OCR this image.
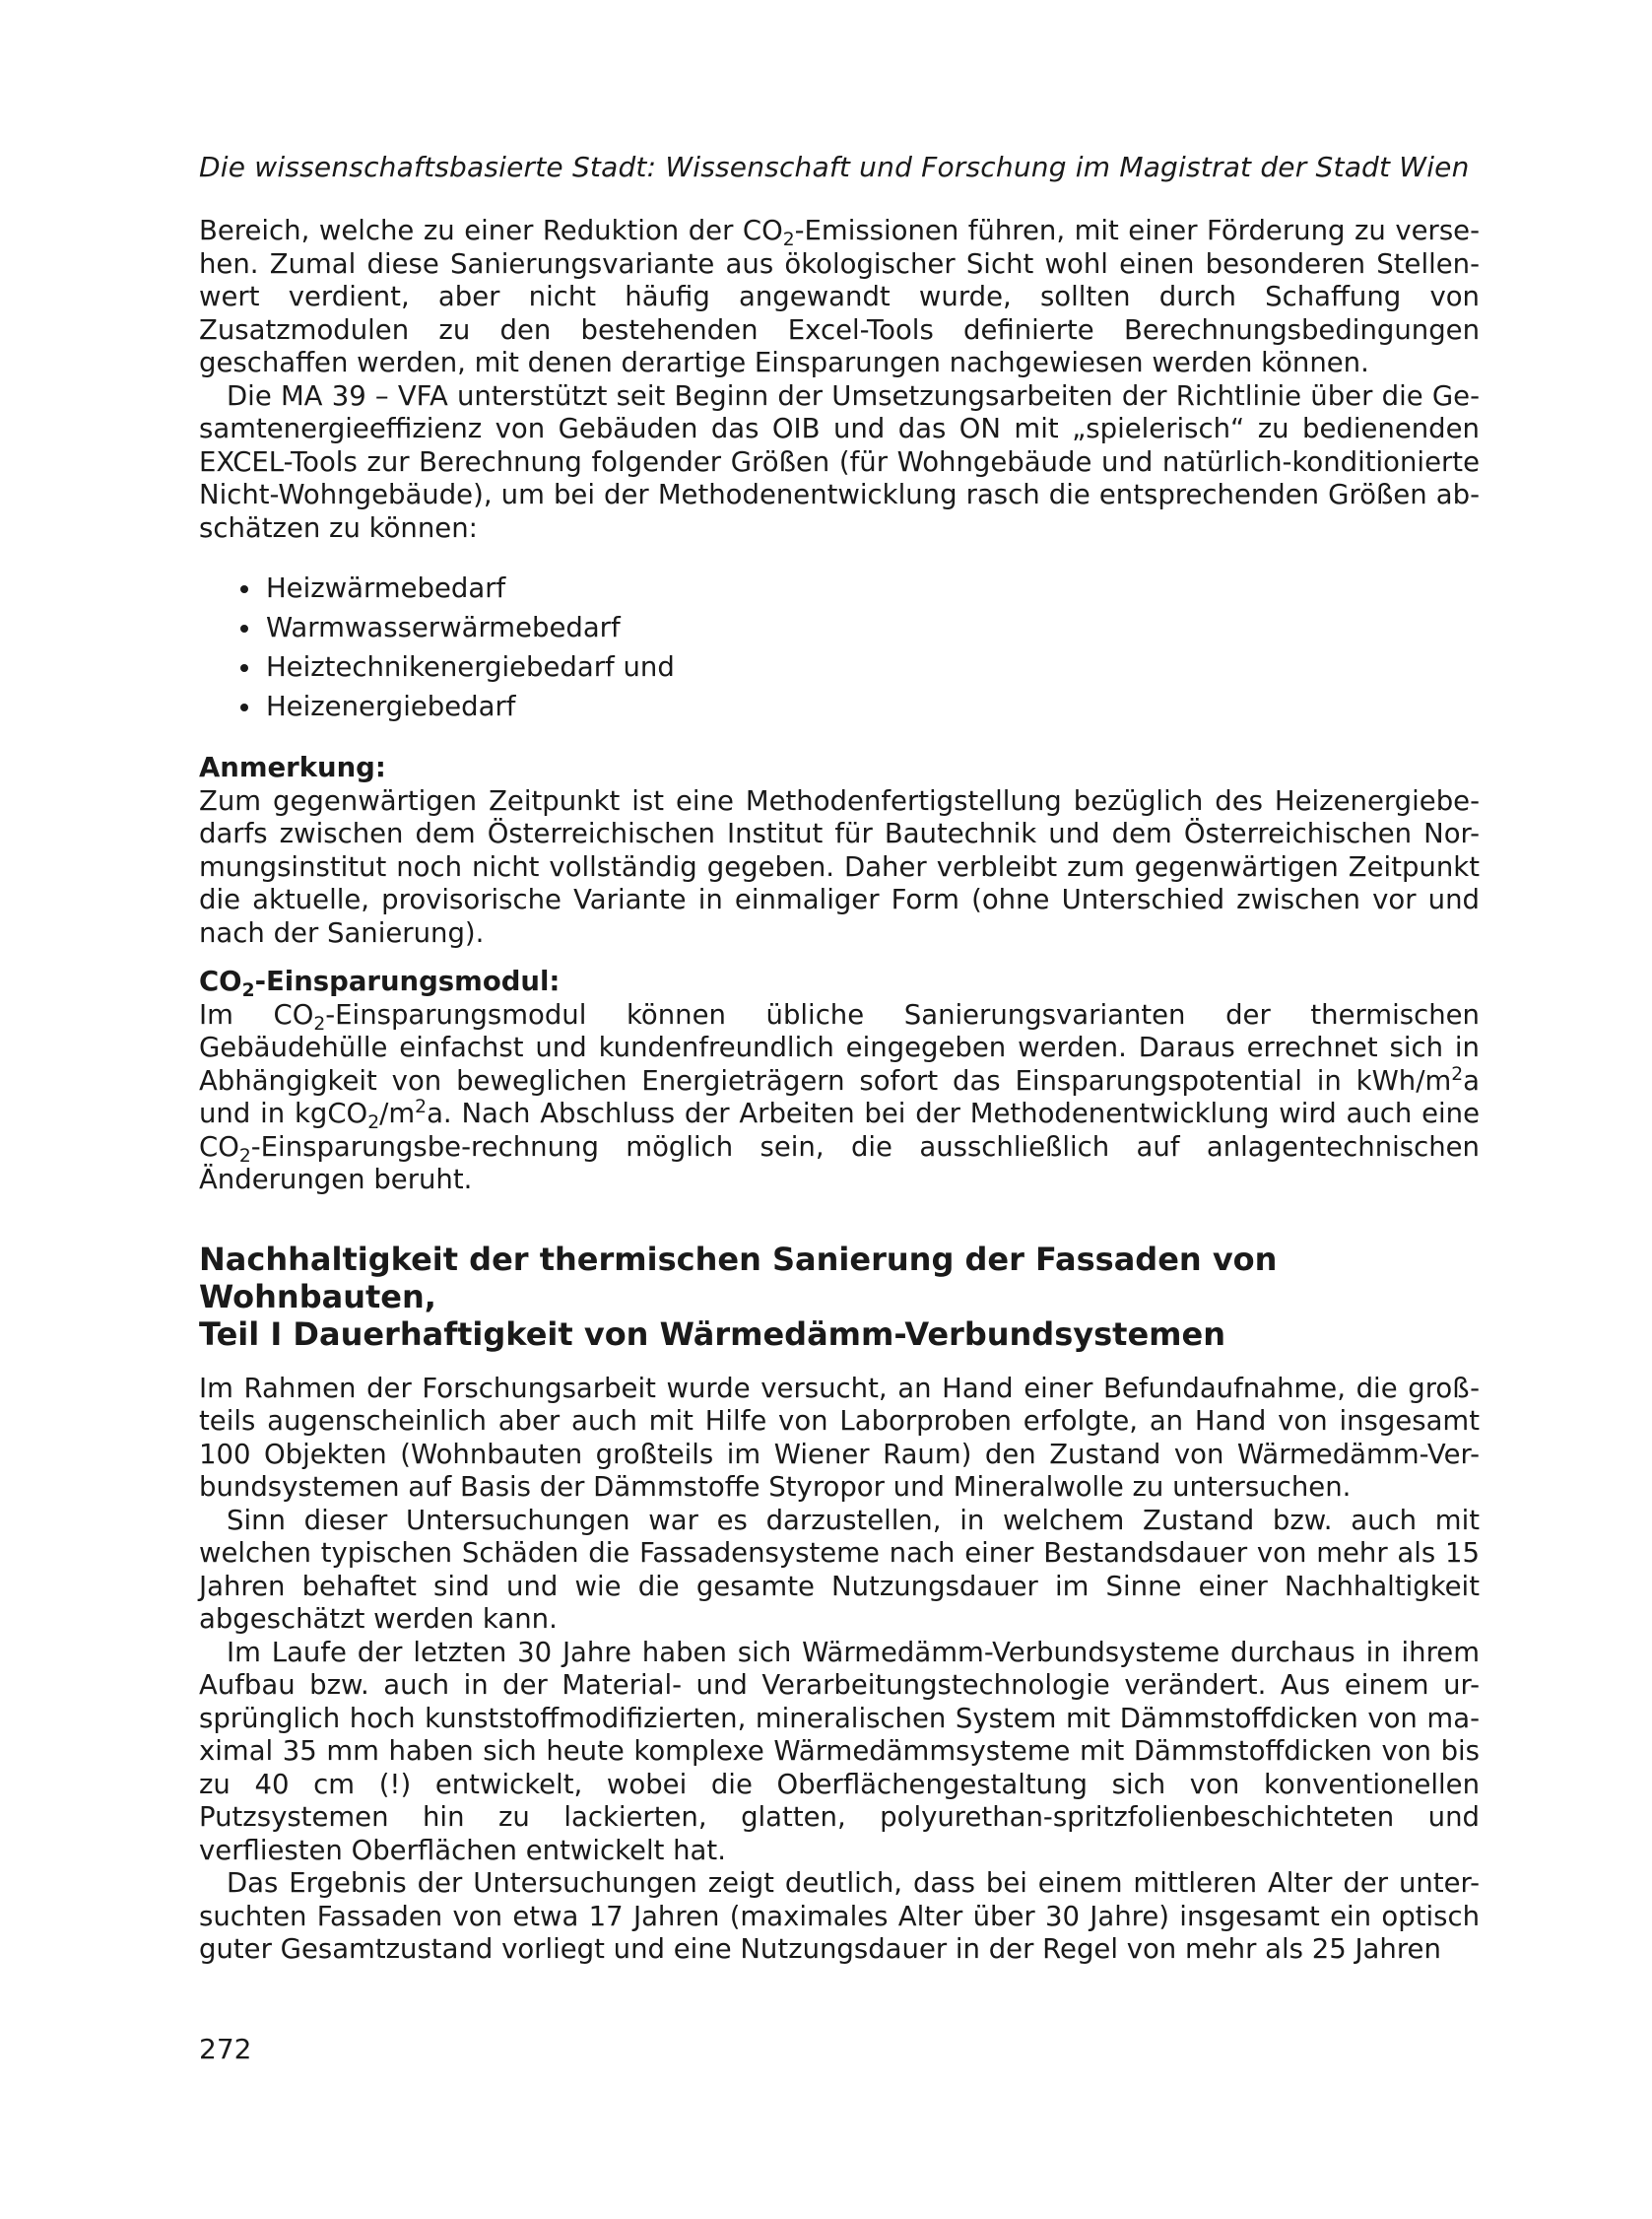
Die wissenschaftsbasierte Stadt: Wissenschaft und Forschung im Magistrat der Stadt Wien

Bereich, welche zu einer Reduktion der $CO_2$-Emissionen führen, mit einer Förderung zu verse-hen. Zumal diese Sanierungsvariante aus ökologischer Sicht wohl einen besonderen Stellen-wert verdient, aber nicht häufig angewandt wurde, sollten durch Schaffung von Zusatzmodulen zu den bestehenden Excel-Tools definierte Berechnungsbedingungen geschaffen werden, mit denen derartige Einsparungen nachgewiesen werden können.

Die MA 39 – VFA unterstützt seit Beginn der Umsetzungsarbeiten der Richtlinie über die Ge-samtenergieeffizienz von Gebäuden das OIB und das ON mit „spielerisch“ zu bedienenden EXCEL-Tools zur Berechnung folgender Größen (für Wohngebäude und natürlich-konditionierte Nicht-Wohngebäude), um bei der Methodenentwicklung rasch die entsprechenden Größen ab-schätzen zu können:

Heizwärmebedarf
Warmwasserwärmebedarf
Heiztechnikenergiebedarf und
Heizenergiebedarf
Anmerkung:

Zum gegenwärtigen Zeitpunkt ist eine Methodenfertigstellung bezüglich des Heizenergiebe-darfs zwischen dem Österreichischen Institut für Bautechnik und dem Österreichischen Nor-mungsinstitut noch nicht vollständig gegeben. Daher verbleibt zum gegenwärtigen Zeitpunkt die aktuelle, provisorische Variante in einmaliger Form (ohne Unterschied zwischen vor und nach der Sanierung).

$CO_2$-Einsparungsmodul:

Im $CO_2$-Einsparungsmodul können übliche Sanierungsvarianten der thermischen Gebäudehülle einfachst und kundenfreundlich eingegeben werden. Daraus errechnet sich in Abhängigkeit von beweglichen Energieträgern sofort das Einsparungspotential in kWh/$m^2a$ und in $kgCO_2/m^2a$. Nach Abschluss der Arbeiten bei der Methodenentwicklung wird auch eine $CO_2-Einsparungsbe$-rechnung möglich sein, die ausschließlich auf anlagentechnischen Änderungen beruht.

Nachhaltigkeit der thermischen Sanierung der Fassaden von Wohnbauten,
Teil I Dauerhaftigkeit von Wärmedämm-Verbundsystemen

Im Rahmen der Forschungsarbeit wurde versucht, an Hand einer Befundaufnahme, die groß-teils augenscheinlich aber auch mit Hilfe von Laborproben erfolgte, an Hand von insgesamt 100 Objekten (Wohnbauten großteils im Wiener Raum) den Zustand von Wärmedämm-Ver-bundsystemen auf Basis der Dämmstoffe Styropor und Mineralwolle zu untersuchen.

Sinn dieser Untersuchungen war es darzustellen, in welchem Zustand bzw. auch mit welchen typischen Schäden die Fassadensysteme nach einer Bestandsdauer von mehr als 15 Jahren behaftet sind und wie die gesamte Nutzungsdauer im Sinne einer Nachhaltigkeit abgeschätzt werden kann.

Im Laufe der letzten 30 Jahre haben sich Wärmedämm-Verbundsysteme durchaus in ihrem Aufbau bzw. auch in der Material- und Verarbeitungstechnologie verändert. Aus einem ur-sprünglich hoch kunststoffmodifizierten, mineralischen System mit Dämmstoffdicken von ma-ximal 35 mm haben sich heute komplexe Wärmedämmsysteme mit Dämmstoffdicken von bis zu 40 cm (!) entwickelt, wobei die Oberflächengestaltung sich von konventionellen Putzsystemen hin zu lackierten, glatten, polyurethan-spritzfolienbeschichteten und verfliesten Oberflächen entwickelt hat.

Das Ergebnis der Untersuchungen zeigt deutlich, dass bei einem mittleren Alter der unter-suchten Fassaden von etwa 17 Jahren (maximales Alter über 30 Jahre) insgesamt ein optisch guter Gesamtzustand vorliegt und eine Nutzungsdauer in der Regel von mehr als 25 Jahren

272
